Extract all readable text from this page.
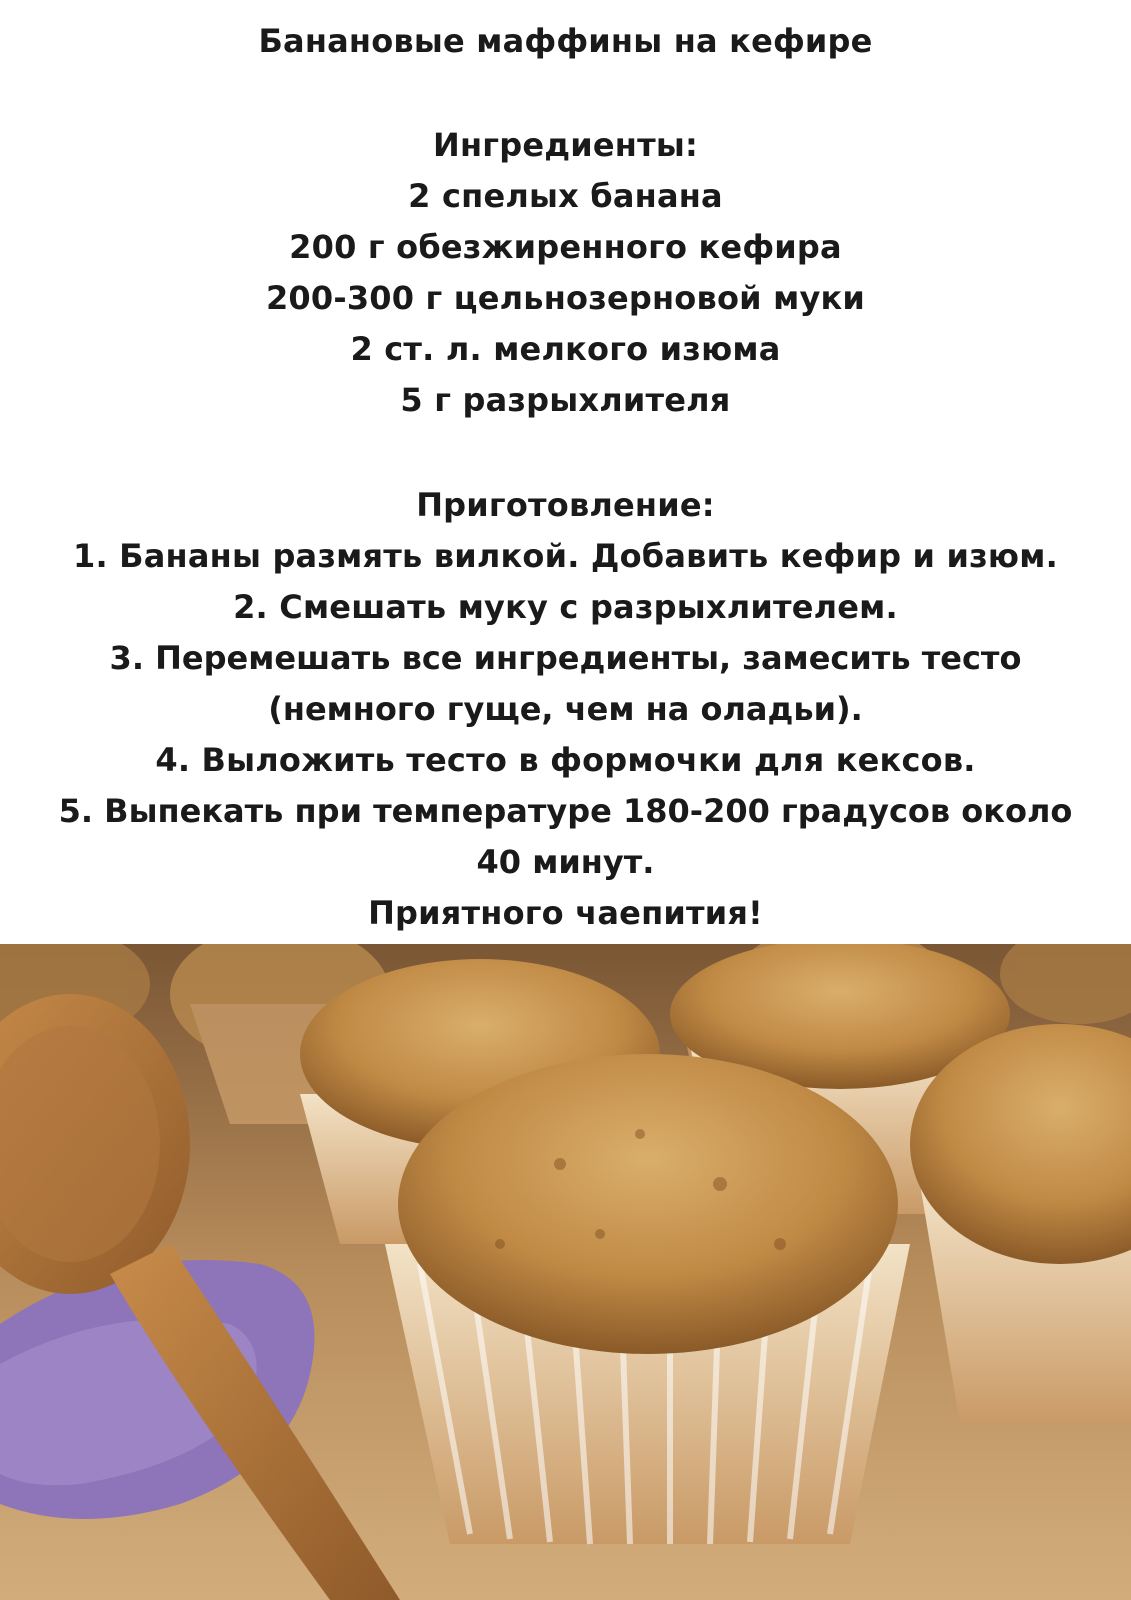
Банановые маффины на кефире
Ингредиенты:
2 спелых банана
200 г обезжиренного кефира
200-300 г цельнозерновой муки
2 ст. л. мелкого изюма
5 г разрыхлителя
Приготовление:
1. Бананы размять вилкой. Добавить кефир и изюм.
2. Смешать муку с разрыхлителем.
3. Перемешать все ингредиенты, замесить тесто (немного гуще, чем на оладьи).
4. Выложить тесто в формочки для кексов.
5. Выпекать при температуре 180-200 градусов около 40 минут.
Приятного чаепития!
